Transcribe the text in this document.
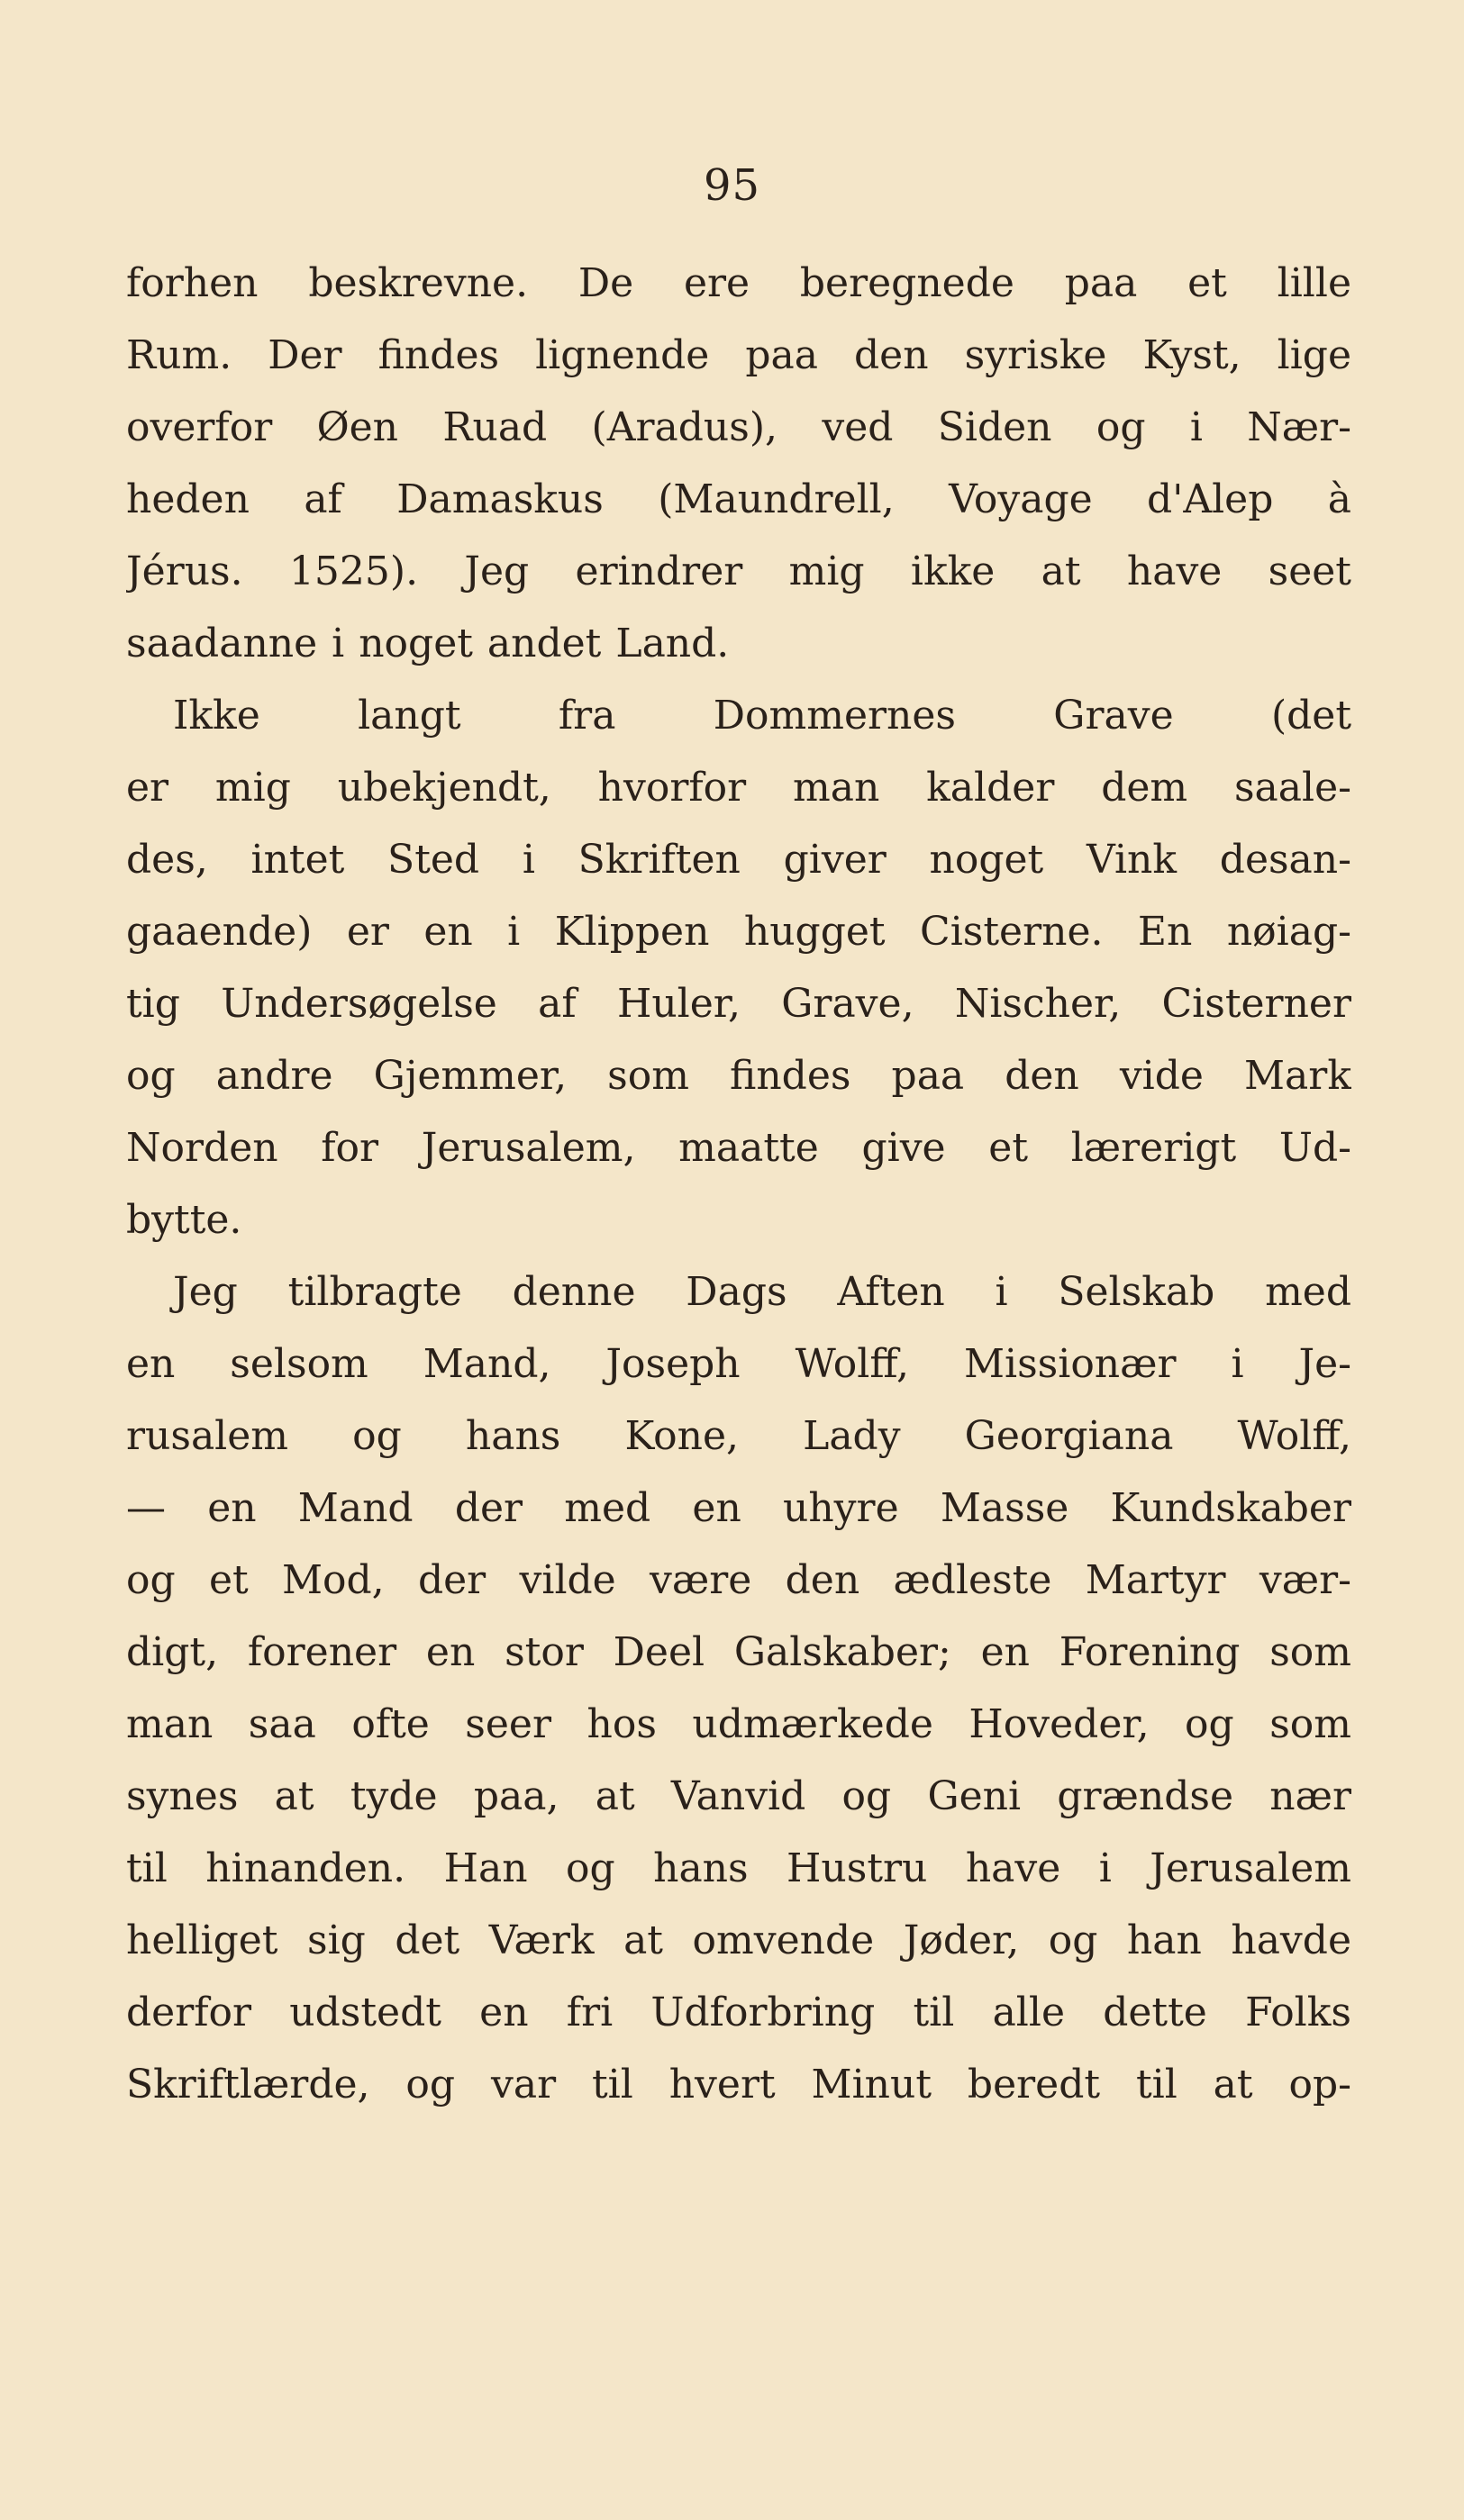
95
forhen beskrevne. De ere beregnede paa et lille
Rum. Der findes lignende paa den syriske Kyst, lige
overfor Øen Ruad (Aradus), ved Siden og i Nær-
heden af Damaskus (Maundrell, Voyage d'Alep à
Jérus. 1525). Jeg erindrer mig ikke at have seet
saadanne i noget andet Land.
Ikke langt fra Dommernes Grave (det
er mig ubekjendt, hvorfor man kalder dem saale-
des, intet Sted i Skriften giver noget Vink desan-
gaaende) er en i Klippen hugget Cisterne. En nøiag-
tig Undersøgelse af Huler, Grave, Nischer, Cisterner
og andre Gjemmer, som findes paa den vide Mark
Norden for Jerusalem, maatte give et lærerigt Ud-
bytte.
Jeg tilbragte denne Dags Aften i Selskab med
en selsom Mand, Joseph Wolff, Missionær i Je-
rusalem og hans Kone, Lady Georgiana Wolff,
— en Mand der med en uhyre Masse Kundskaber
og et Mod, der vilde være den ædleste Martyr vær-
digt, forener en stor Deel Galskaber; en Forening som
man saa ofte seer hos udmærkede Hoveder, og som
synes at tyde paa, at Vanvid og Geni grændse nær
til hinanden. Han og hans Hustru have i Jerusalem
helliget sig det Værk at omvende Jøder, og han havde
derfor udstedt en fri Udforbring til alle dette Folks
Skriftlærde, og var til hvert Minut beredt til at op-
